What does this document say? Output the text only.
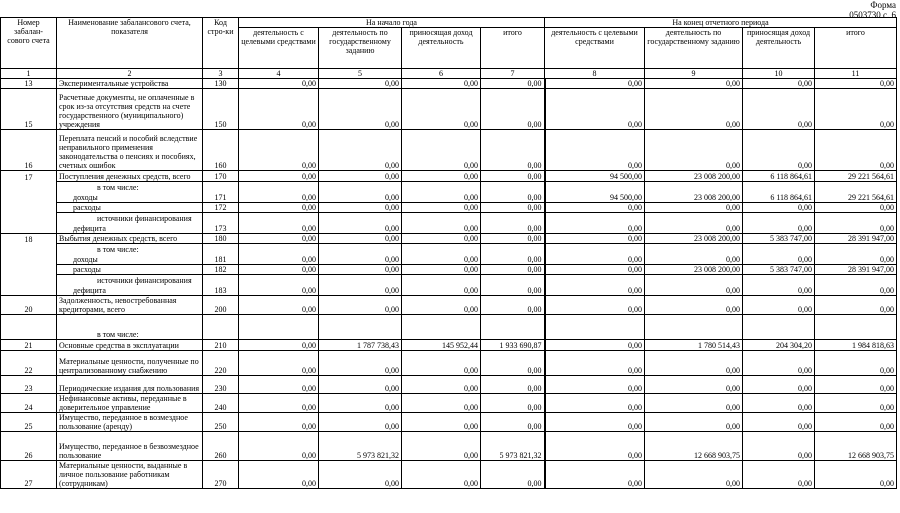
Форма
0503730 с. 6
Номер забалан-сового счета	Наименование забалансового счета, показателя	Код стро-ки	На начало года				На конец отчетного периода			
			деятельность с целевыми средствами	деятельность по государственному заданию	приносящая доход деятельность	итого	деятельность с целевыми средствами	деятельность по государственному заданию	приносящая доход деятельность	итого
1	2	3	4	5	6	7	8	9	10	11
13	Экспериментальные устройства	130	0,00	0,00	0,00	0,00	0,00	0,00	0,00	0,00
15	Расчетные документы, не оплаченные в срок из-за отсутствия средств на счете государственного (муниципального) учреждения	150	0,00	0,00	0,00	0,00	0,00	0,00	0,00	0,00
16	Переплата пенсий и пособий вследствие неправильного применения законодательства о пенсиях и пособиях, счетных ошибок	160	0,00	0,00	0,00	0,00	0,00	0,00	0,00	0,00
17	Поступления денежных средств, всего	170	0,00	0,00	0,00	0,00	94 500,00	23 008 200,00	6 118 864,61	29 221 564,61
	в том числе:									
	доходы	171	0,00	0,00	0,00	0,00	94 500,00	23 008 200,00	6 118 864,61	29 221 564,61
	расходы	172	0,00	0,00	0,00	0,00	0,00	0,00	0,00	0,00
	источники финансирования									
	дефицита	173	0,00	0,00	0,00	0,00	0,00	0,00	0,00	0,00
18	Выбытия денежных средств, всего	180	0,00	0,00	0,00	0,00	0,00	23 008 200,00	5 383 747,00	28 391 947,00
	в том числе:									
	доходы	181	0,00	0,00	0,00	0,00	0,00	0,00	0,00	0,00
	расходы	182	0,00	0,00	0,00	0,00	0,00	23 008 200,00	5 383 747,00	28 391 947,00
	источники финансирования									
	дефицита	183	0,00	0,00	0,00	0,00	0,00	0,00	0,00	0,00
20	Задолженность, невостребованная кредиторами, всего	200	0,00	0,00	0,00	0,00	0,00	0,00	0,00	0,00
	в том числе:									
21	Основные средства в эксплуатации	210	0,00	1 787 738,43	145 952,44	1 933 690,87	0,00	1 780 514,43	204 304,20	1 984 818,63
22	Материальные ценности, полученные по централизованному снабжению	220	0,00	0,00	0,00	0,00	0,00	0,00	0,00	0,00
23	Периодические издания для пользования	230	0,00	0,00	0,00	0,00	0,00	0,00	0,00	0,00
24	Нефинансовые активы, переданные в доверительное управление	240	0,00	0,00	0,00	0,00	0,00	0,00	0,00	0,00
25	Имущество, переданное в возмездное пользование (аренду)	250	0,00	0,00	0,00	0,00	0,00	0,00	0,00	0,00
26	Имущество, переданное в безвозмездное пользование	260	0,00	5 973 821,32	0,00	5 973 821,32	0,00	12 668 903,75	0,00	12 668 903,75
27	Материальные ценности, выданные в личное пользование работникам (сотрудникам)	270	0,00	0,00	0,00	0,00	0,00	0,00	0,00	0,00
